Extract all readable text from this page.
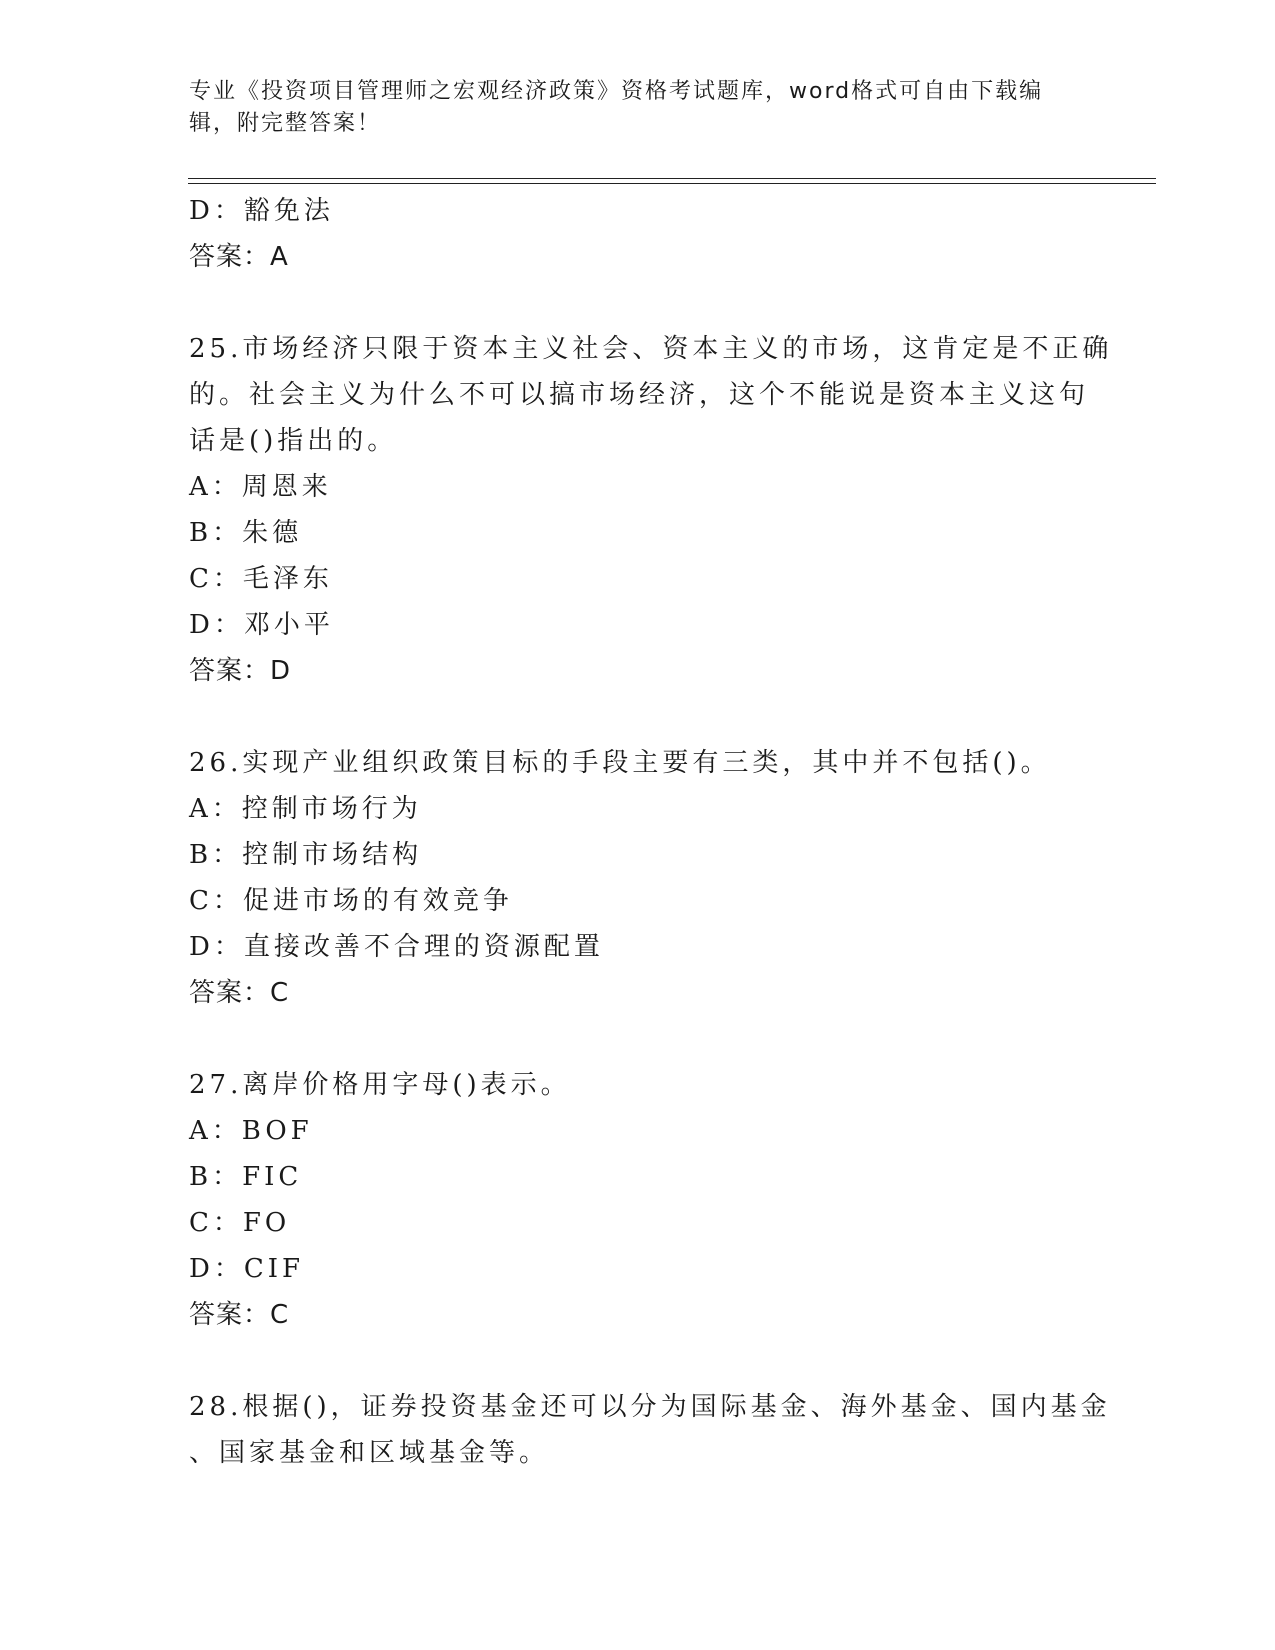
专业《投资项目管理师之宏观经济政策》资格考试题库，word格式可自由下载编
辑，附完整答案！
D：豁免法
答案：A
25.市场经济只限于资本主义社会、资本主义的市场，这肯定是不正确
的。社会主义为什么不可以搞市场经济，这个不能说是资本主义这句
话是()指出的。
A：周恩来
B：朱德
C：毛泽东
D：邓小平
答案：D
26.实现产业组织政策目标的手段主要有三类，其中并不包括()。
A：控制市场行为
B：控制市场结构
C：促进市场的有效竞争
D：直接改善不合理的资源配置
答案：C
27.离岸价格用字母()表示。
A：BOF
B：FIC
C：FO
D：CIF
答案：C
28.根据()，证券投资基金还可以分为国际基金、海外基金、国内基金
、国家基金和区域基金等。
